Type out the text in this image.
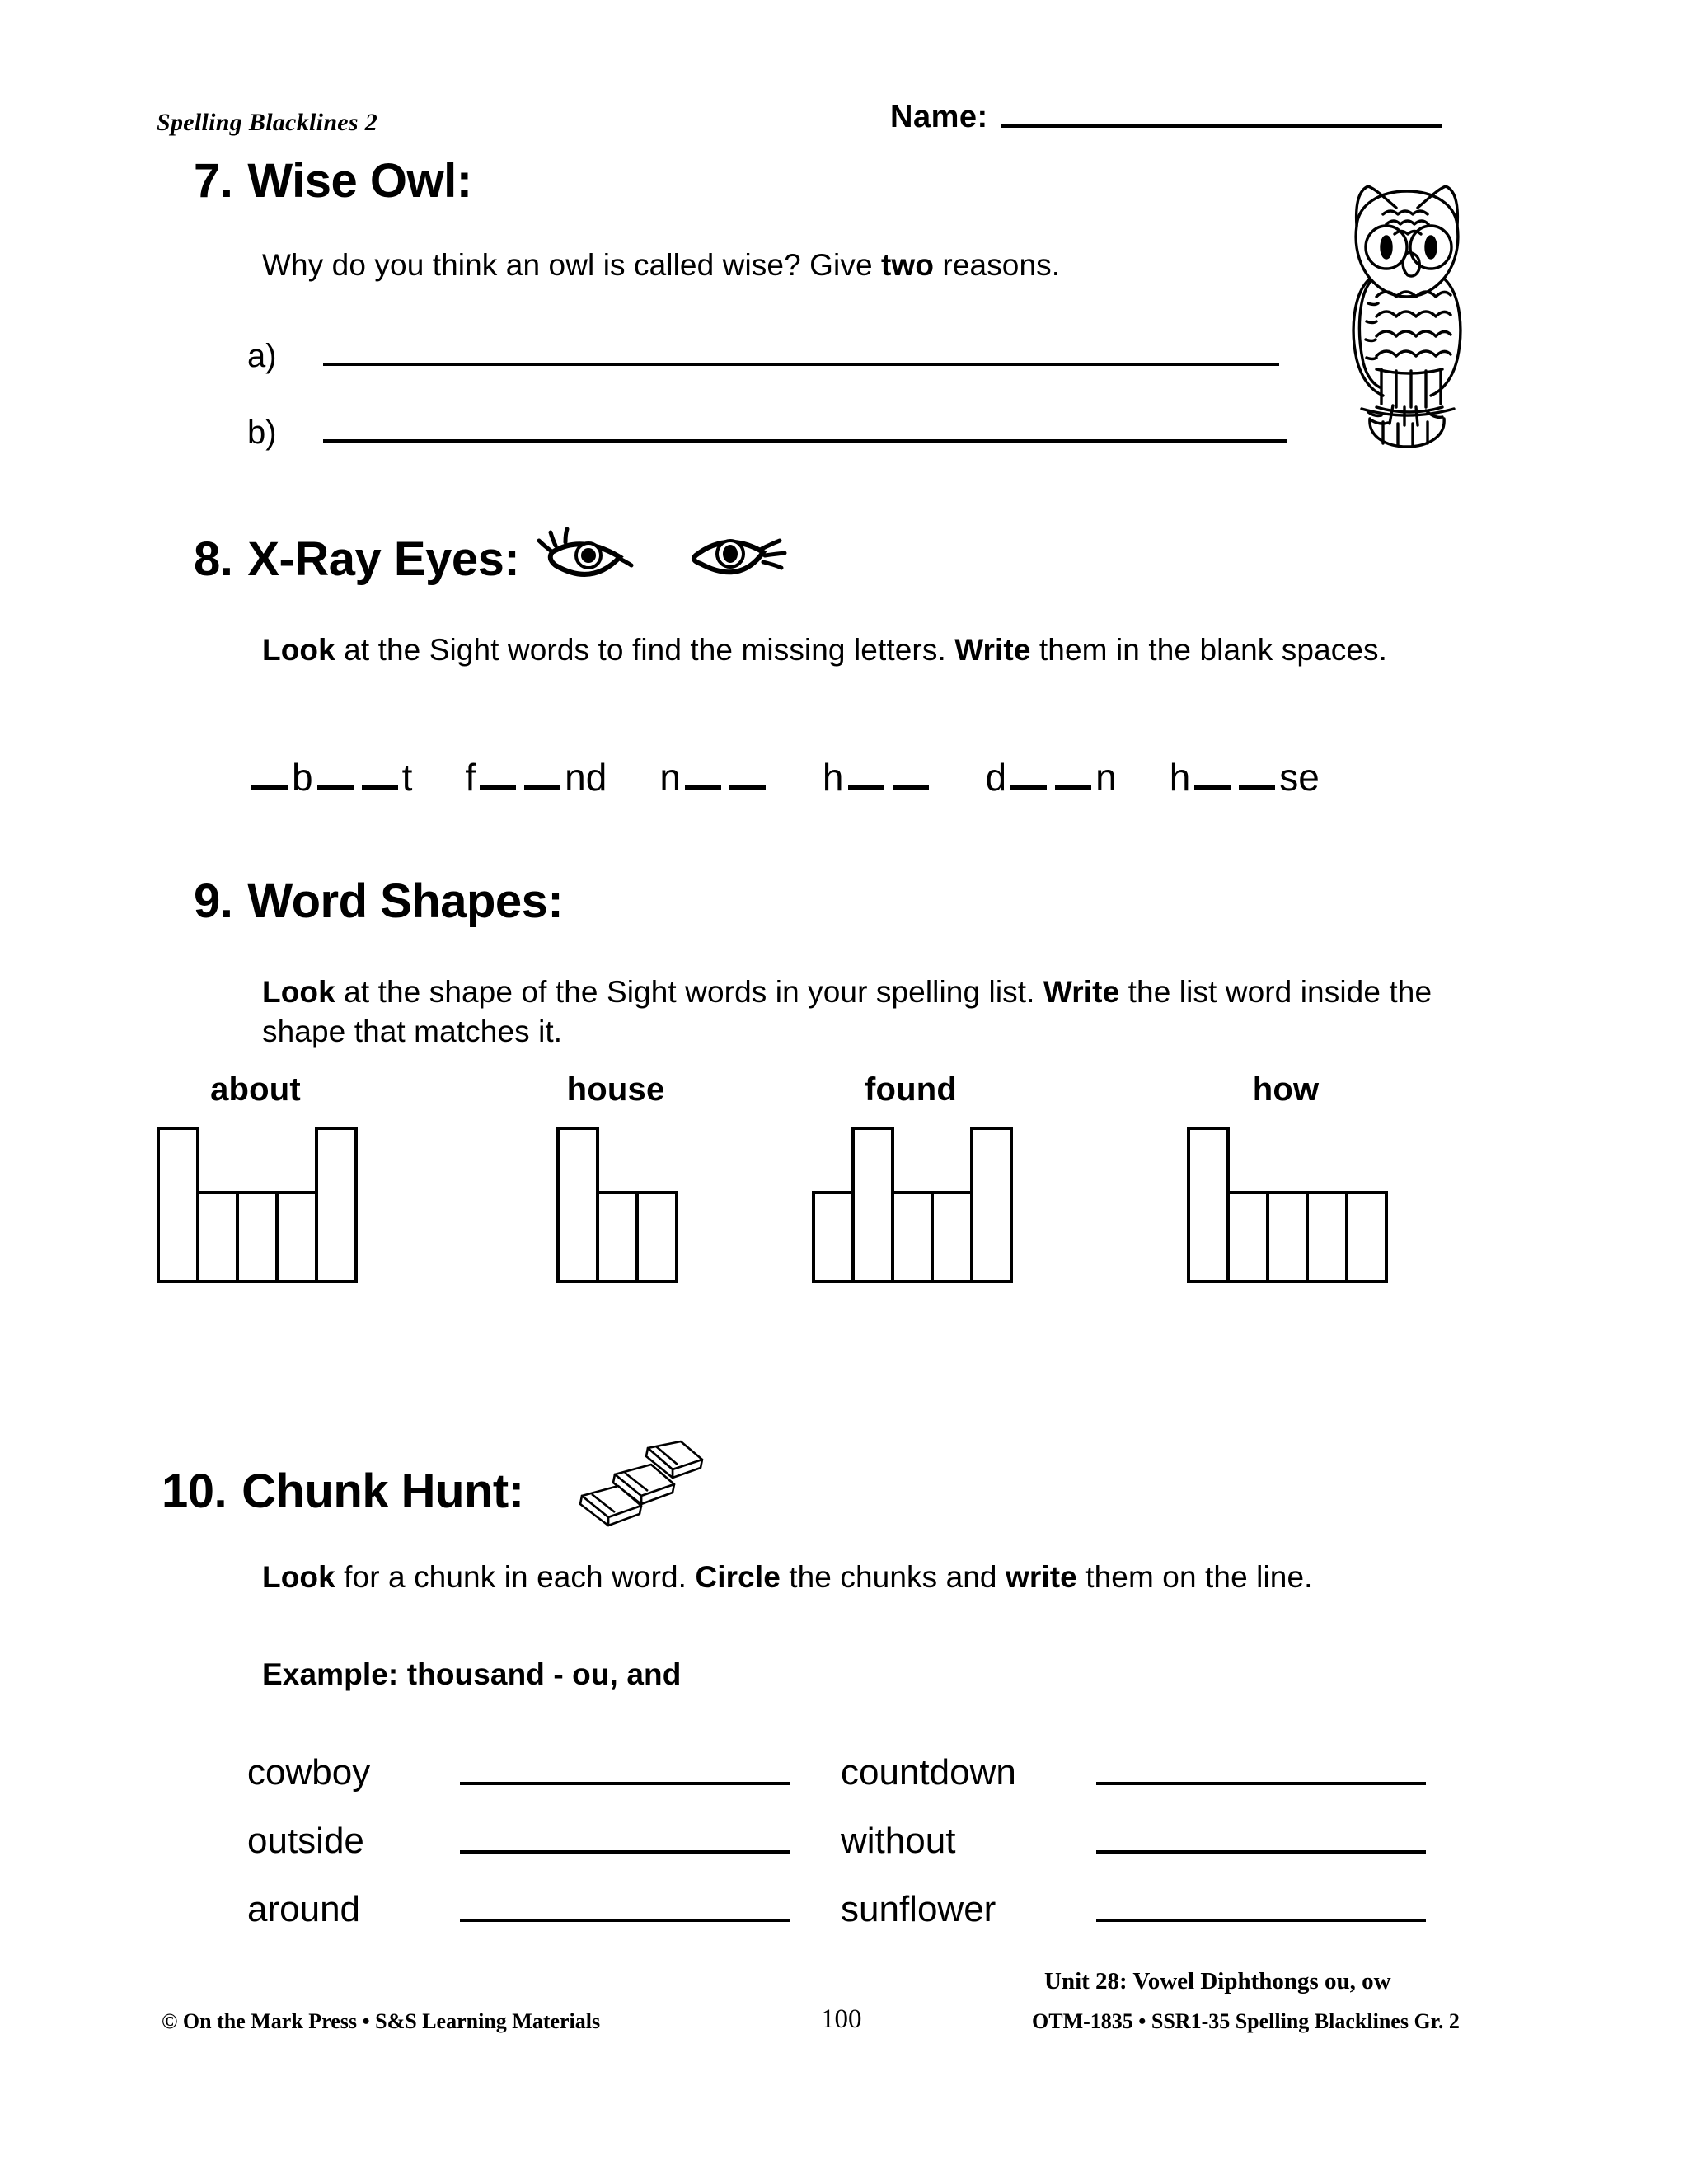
Spelling Blacklines 2	Name:
7. Wise Owl:
Why do you think an owl is called wise? Give two reasons.
a)
b)
8. X-Ray Eyes:
Look at the Sight words to find the missing letters. Write them in the blank spaces.
b t f nd n	h	d n h se
9. Word Shapes:
Look at the shape of the Sight words in your spelling list. Write the list word inside the shape that matches it.
about	house	found	how
10. Chunk Hunt:
Look for a chunk in each word. Circle the chunks and write them on the line.
Example: thousand - ou, and
cowboy	countdown
outside	without
around	sunflower
© On the Mark Press • S&S Learning Materials	100
Unit 28: Vowel Diphthongs ou, ow
OTM-1835 • SSR1-35 Spelling Blacklines Gr. 2
